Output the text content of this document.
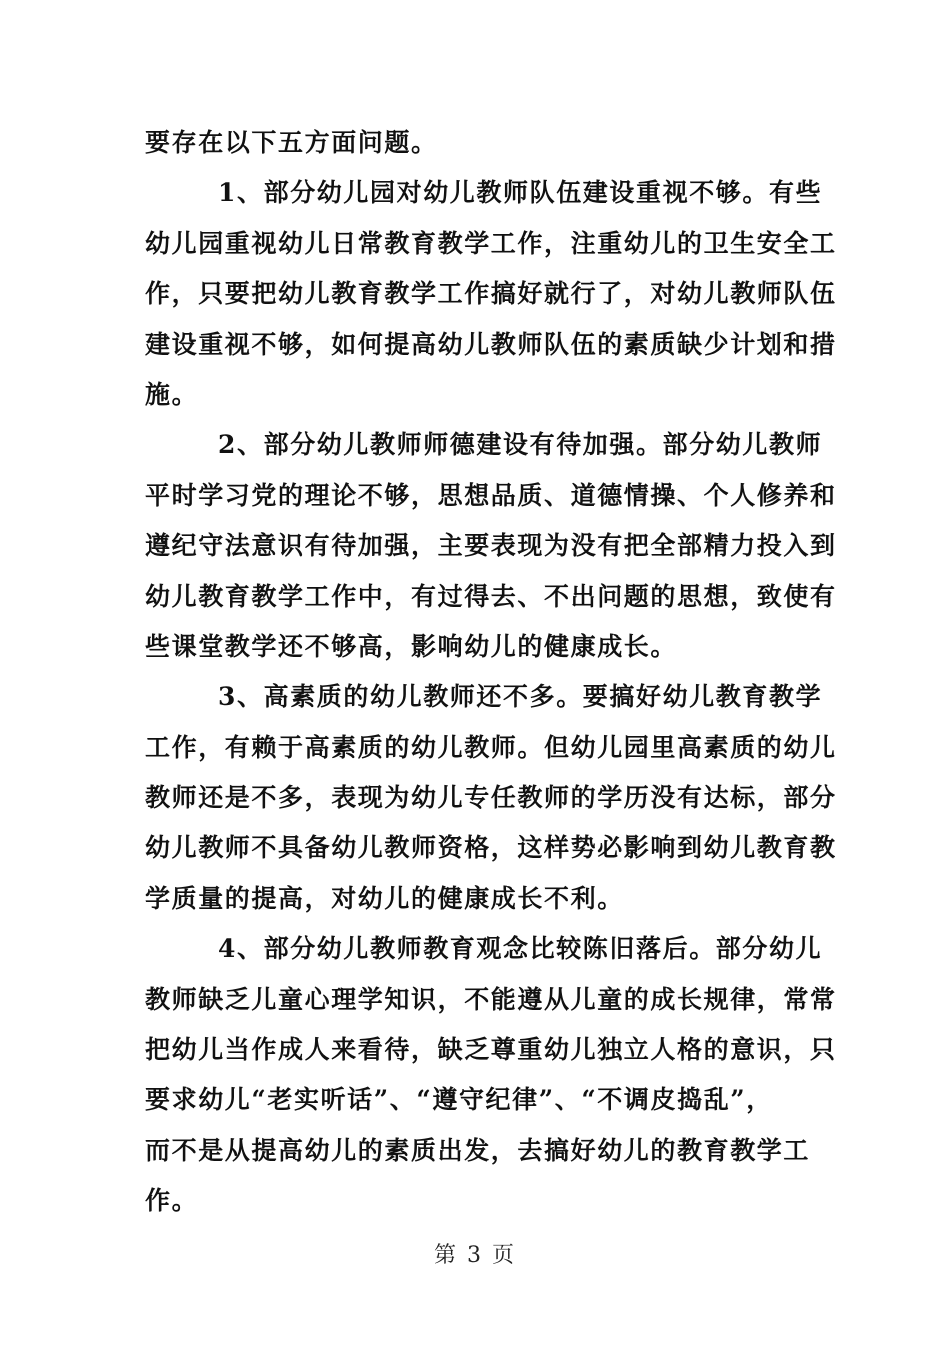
要存在以下五方面问题。
1、部分幼儿园对幼儿教师队伍建设重视不够。有些
幼儿园重视幼儿日常教育教学工作，注重幼儿的卫生安全工
作，只要把幼儿教育教学工作搞好就行了，对幼儿教师队伍
建设重视不够，如何提高幼儿教师队伍的素质缺少计划和措
施。
2、部分幼儿教师师德建设有待加强。部分幼儿教师
平时学习党的理论不够，思想品质、道德情操、个人修养和
遵纪守法意识有待加强，主要表现为没有把全部精力投入到
幼儿教育教学工作中，有过得去、不出问题的思想，致使有
些课堂教学还不够高，影响幼儿的健康成长。
3、高素质的幼儿教师还不多。要搞好幼儿教育教学
工作，有赖于高素质的幼儿教师。但幼儿园里高素质的幼儿
教师还是不多，表现为幼儿专任教师的学历没有达标，部分
幼儿教师不具备幼儿教师资格，这样势必影响到幼儿教育教
学质量的提高，对幼儿的健康成长不利。
4、部分幼儿教师教育观念比较陈旧落后。部分幼儿
教师缺乏儿童心理学知识，不能遵从儿童的成长规律，常常
把幼儿当作成人来看待，缺乏尊重幼儿独立人格的意识，只
要求幼儿“老实听话”、“遵守纪律”、“不调皮捣乱”，
而不是从提高幼儿的素质出发，去搞好幼儿的教育教学工
作。
第 3 页
